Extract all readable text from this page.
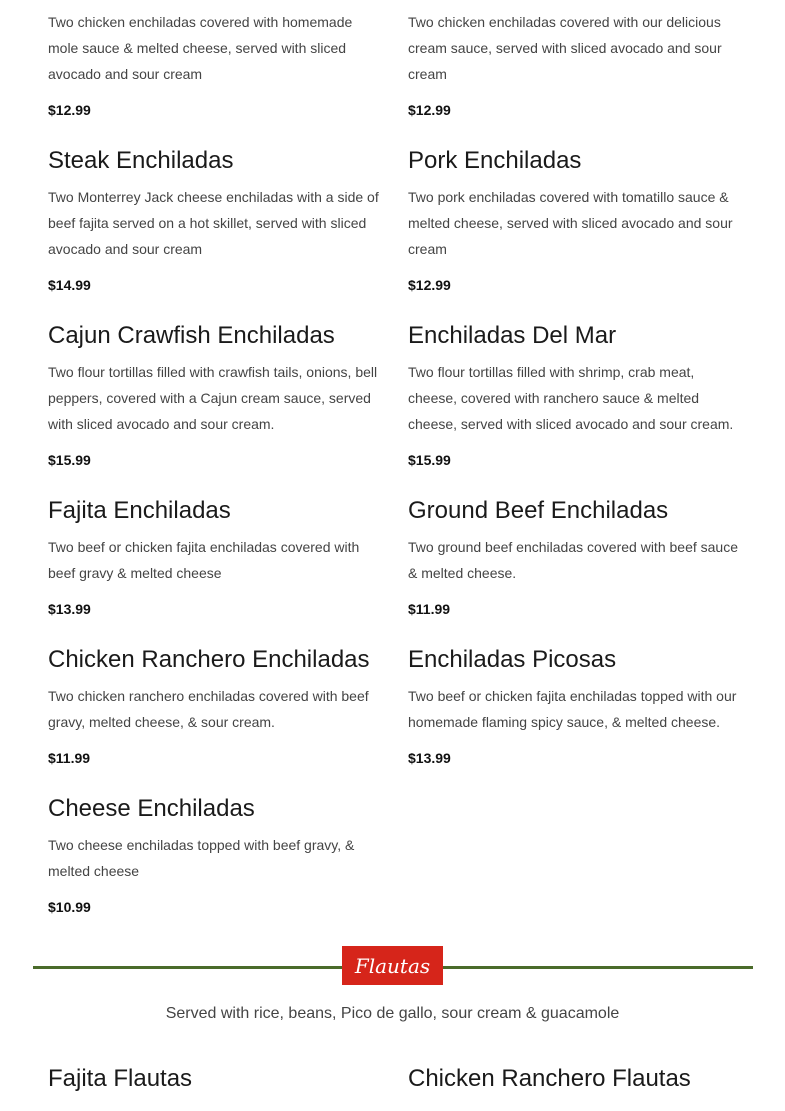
Two chicken enchiladas covered with homemade mole sauce & melted cheese, served with sliced avocado and sour cream

$12.99

Two chicken enchiladas covered with our delicious cream sauce, served with sliced avocado and sour cream

$12.99

Steak Enchiladas

Two Monterrey Jack cheese enchiladas with a side of beef fajita served on a hot skillet, served with sliced avocado and sour cream

$14.99

Pork Enchiladas

Two pork enchiladas covered with tomatillo sauce & melted cheese, served with sliced avocado and sour cream

$12.99

Cajun Crawfish Enchiladas

Two flour tortillas filled with crawfish tails, onions, bell peppers, covered with a Cajun cream sauce, served with sliced avocado and sour cream.

$15.99

Enchiladas Del Mar

Two flour tortillas filled with shrimp, crab meat, cheese, covered with ranchero sauce & melted cheese, served with sliced avocado and sour cream.

$15.99

Fajita Enchiladas

Two beef or chicken fajita enchiladas covered with beef gravy & melted cheese

$13.99

Ground Beef Enchiladas

Two ground beef enchiladas covered with beef sauce & melted cheese.

$11.99

Chicken Ranchero Enchiladas

Two chicken ranchero enchiladas covered with beef gravy, melted cheese, & sour cream.

$11.99

Enchiladas Picosas

Two beef or chicken fajita enchiladas topped with our homemade flaming spicy sauce, & melted cheese.

$13.99

Cheese Enchiladas

Two cheese enchiladas topped with beef gravy, & melted cheese

$10.99

Flautas
Served with rice, beans, Pico de gallo, sour cream & guacamole
Fajita Flautas	Chicken Ranchero Flautas
